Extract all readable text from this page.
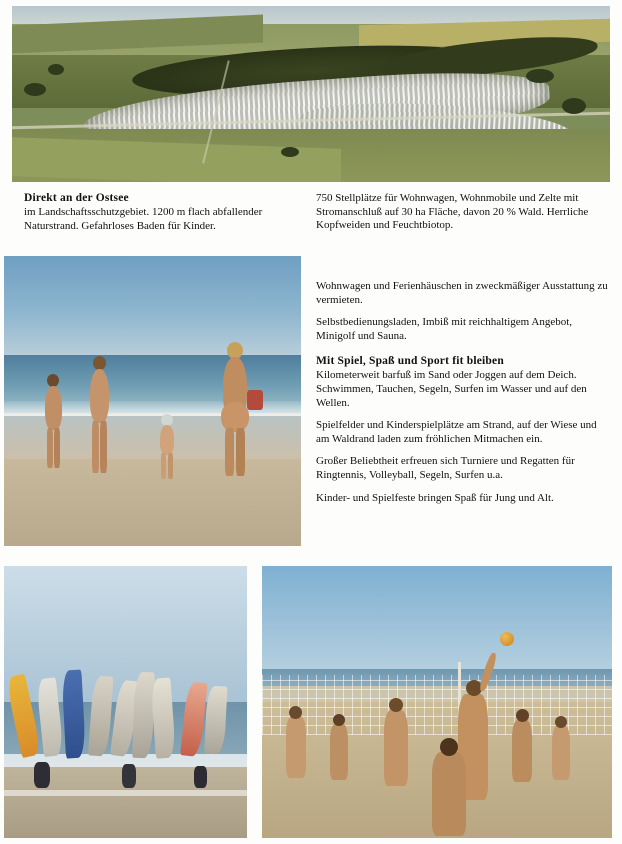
Direkt an der Ostsee

im Landschaftsschutzgebiet. 1200 m flach abfallender Naturstrand. Gefahrloses Baden für Kinder.

750 Stellplätze für Wohnwagen, Wohnmobile und Zelte mit Stromanschluß auf 30 ha Fläche, davon 20 % Wald. Herrliche Kopfweiden und Feuchtbiotop.

Wohnwagen und Ferienhäuschen in zweckmäßiger Ausstattung zu vermieten.

Selbstbedienungsladen, Imbiß mit reichhaltigem Angebot, Minigolf und Sauna.

Mit Spiel, Spaß und Sport fit bleiben

Kilometerweit barfuß im Sand oder Joggen auf dem Deich. Schwimmen, Tauchen, Segeln, Surfen im Wasser und auf den Wellen.

Spielfelder und Kinderspielplätze am Strand, auf der Wiese und am Waldrand laden zum fröhlichen Mitmachen ein.

Großer Beliebtheit erfreuen sich Turniere und Regatten für Ringtennis, Volleyball, Segeln, Surfen u.a.

Kinder- und Spielfeste bringen Spaß für Jung und Alt.
